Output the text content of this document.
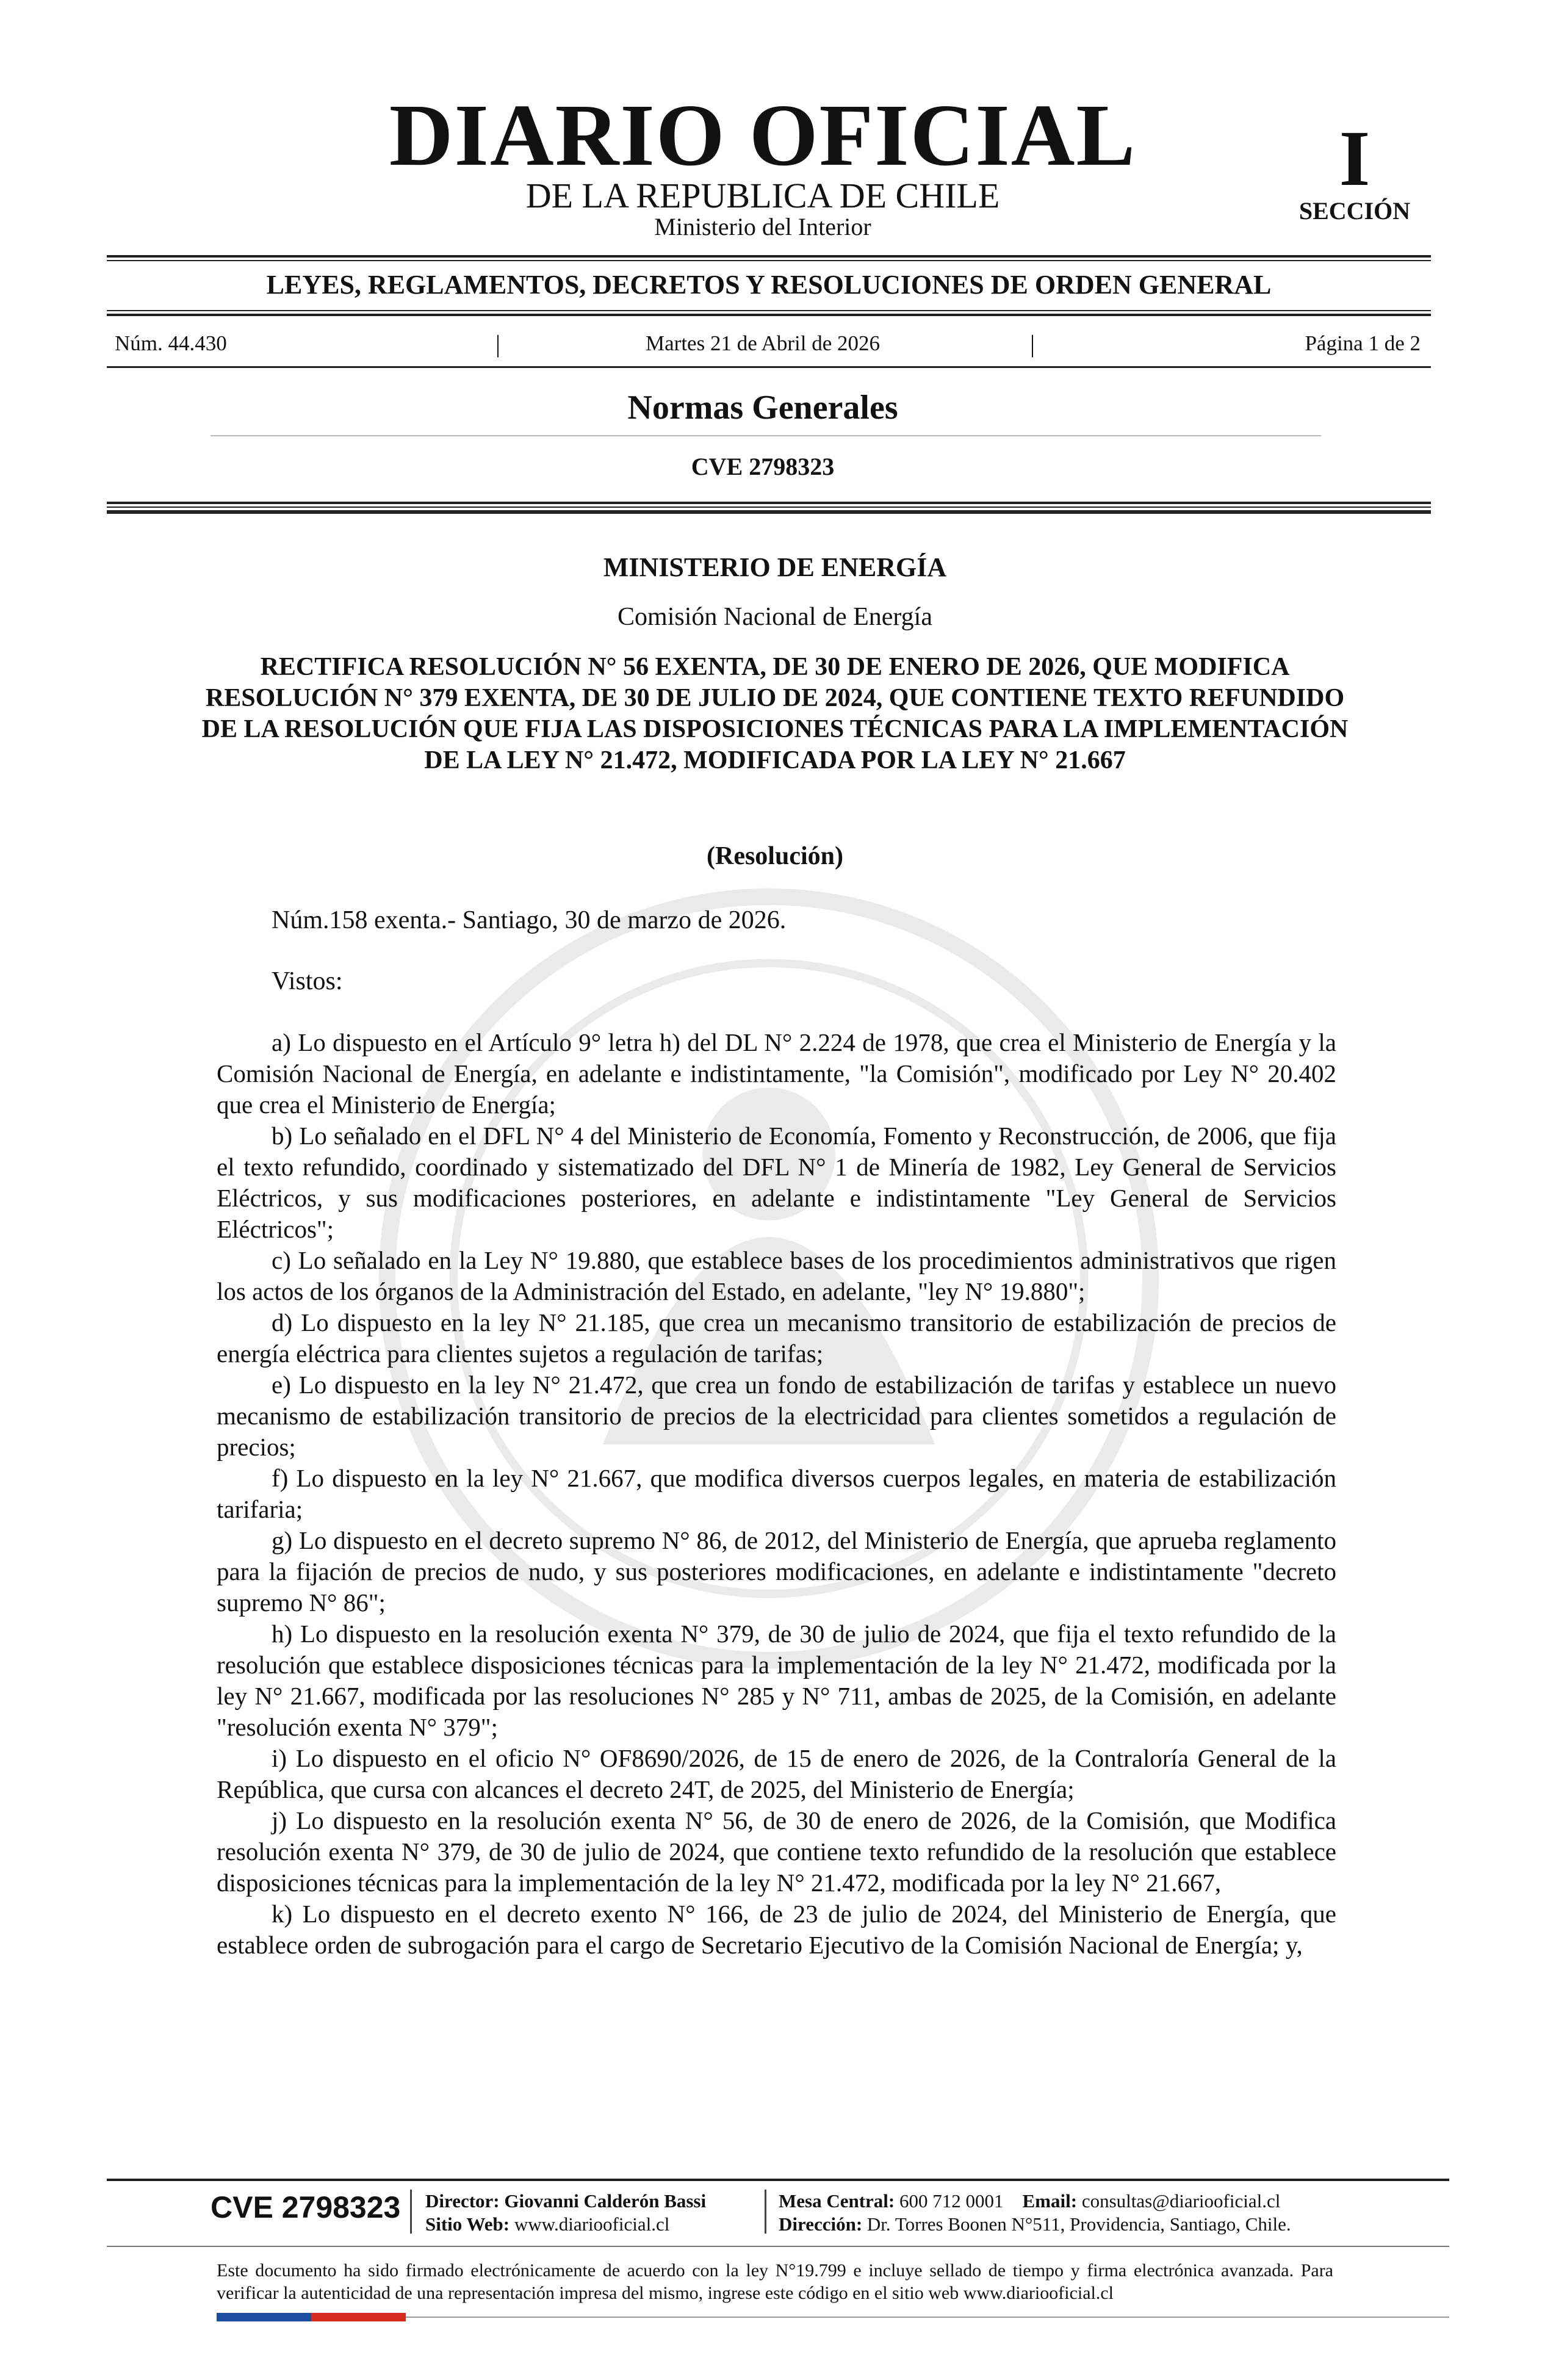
DIARIO OFICIAL
DE LA REPUBLICA DE CHILE
Ministerio del Interior
I
SECCIÓN
LEYES, REGLAMENTOS, DECRETOS Y RESOLUCIONES DE ORDEN GENERAL
Núm. 44.430	|	Martes 21 de Abril de 2026	|	Página 1 de 2
Normas Generales
CVE 2798323
MINISTERIO DE ENERGÍA
Comisión Nacional de Energía
RECTIFICA RESOLUCIÓN N° 56 EXENTA, DE 30 DE ENERO DE 2026, QUE MODIFICA RESOLUCIÓN N° 379 EXENTA, DE 30 DE JULIO DE 2024, QUE CONTIENE TEXTO REFUNDIDO DE LA RESOLUCIÓN QUE FIJA LAS DISPOSICIONES TÉCNICAS PARA LA IMPLEMENTACIÓN DE LA LEY N° 21.472, MODIFICADA POR LA LEY N° 21.667
(Resolución)
Núm.158 exenta.- Santiago, 30 de marzo de 2026.
Vistos:

a) Lo dispuesto en el Artículo 9° letra h) del DL N° 2.224 de 1978, que crea el Ministerio de Energía y la Comisión Nacional de Energía, en adelante e indistintamente, "la Comisión", modificado por Ley N° 20.402 que crea el Ministerio de Energía;

b) Lo señalado en el DFL N° 4 del Ministerio de Economía, Fomento y Reconstrucción, de 2006, que fija el texto refundido, coordinado y sistematizado del DFL N° 1 de Minería de 1982, Ley General de Servicios Eléctricos, y sus modificaciones posteriores, en adelante e indistintamente "Ley General de Servicios Eléctricos";

c) Lo señalado en la Ley N° 19.880, que establece bases de los procedimientos administrativos que rigen los actos de los órganos de la Administración del Estado, en adelante, "ley N° 19.880";

d) Lo dispuesto en la ley N° 21.185, que crea un mecanismo transitorio de estabilización de precios de energía eléctrica para clientes sujetos a regulación de tarifas;

e) Lo dispuesto en la ley N° 21.472, que crea un fondo de estabilización de tarifas y establece un nuevo mecanismo de estabilización transitorio de precios de la electricidad para clientes sometidos a regulación de precios;

f) Lo dispuesto en la ley N° 21.667, que modifica diversos cuerpos legales, en materia de estabilización tarifaria;

g) Lo dispuesto en el decreto supremo N° 86, de 2012, del Ministerio de Energía, que aprueba reglamento para la fijación de precios de nudo, y sus posteriores modificaciones, en adelante e indistintamente "decreto supremo N° 86";

h) Lo dispuesto en la resolución exenta N° 379, de 30 de julio de 2024, que fija el texto refundido de la resolución que establece disposiciones técnicas para la implementación de la ley N° 21.472, modificada por la ley N° 21.667, modificada por las resoluciones N° 285 y N° 711, ambas de 2025, de la Comisión, en adelante "resolución exenta N° 379";

i) Lo dispuesto en el oficio N° OF8690/2026, de 15 de enero de 2026, de la Contraloría General de la República, que cursa con alcances el decreto 24T, de 2025, del Ministerio de Energía;

j) Lo dispuesto en la resolución exenta N° 56, de 30 de enero de 2026, de la Comisión, que Modifica resolución exenta N° 379, de 30 de julio de 2024, que contiene texto refundido de la resolución que establece disposiciones técnicas para la implementación de la ley N° 21.472, modificada por la ley N° 21.667,

k) Lo dispuesto en el decreto exento N° 166, de 23 de julio de 2024, del Ministerio de Energía, que establece orden de subrogación para el cargo de Secretario Ejecutivo de la Comisión Nacional de Energía; y,

CVE 2798323 Director: Giovanni Calderón Bassi
Sitio Web: www.diariooficial.cl
Mesa Central: 600 712 0001 Email: consultas@diariooficial.cl
Dirección: Dr. Torres Boonen N°511, Providencia, Santiago, Chile.
Este documento ha sido firmado electrónicamente de acuerdo con la ley N°19.799 e incluye sellado de tiempo y firma electrónica avanzada. Para verificar la autenticidad de una representación impresa del mismo, ingrese este código en el sitio web www.diariooficial.cl
